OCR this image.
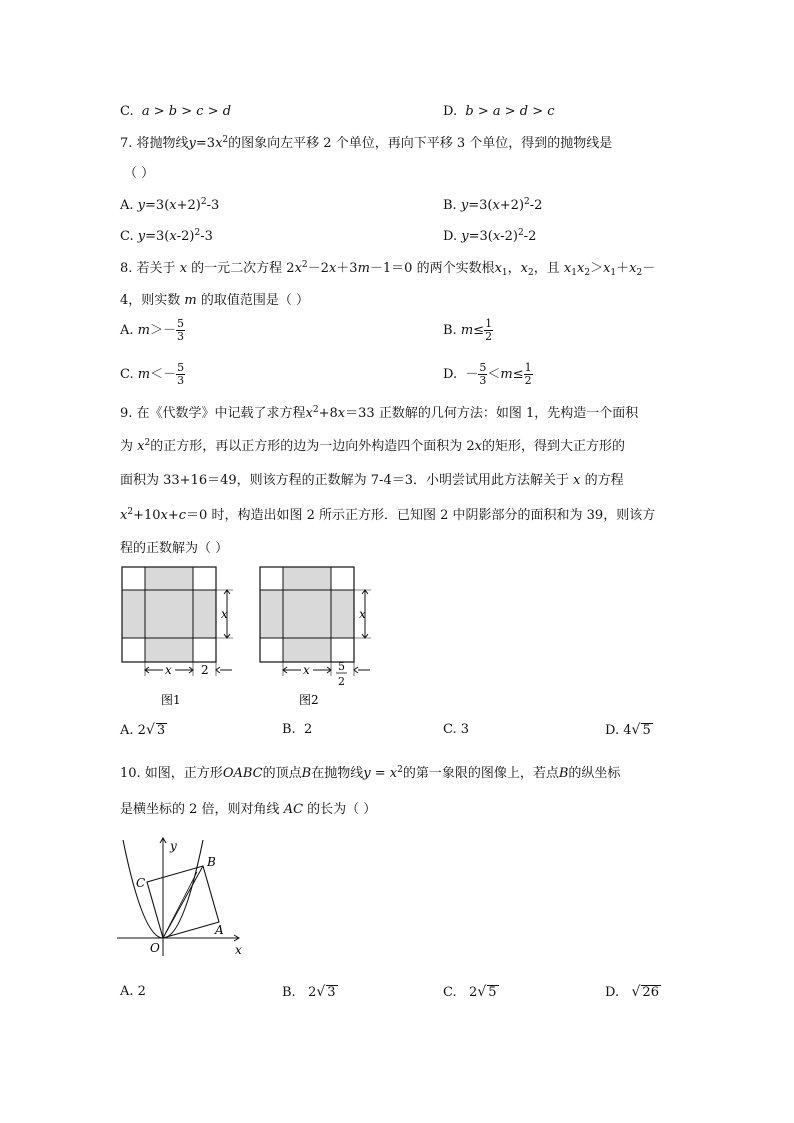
C. a > b > c > d	D. b > a > d > c
7. 将抛物线$y=3x^2$的图象向左平移 2 个单位，再向下平移 3 个单位，得到的抛物线是
（ ）
A. $y=3(x+2)^2-3$	B. $y=3(x+2)^2-2$
C. $y=3(x-2)^2-3$	D. $y=3(x-2)^2-2$
8. 若关于 x 的一元二次方程 $2x^2-2x+3m-1=0$ 的两个实数根$x_1$，$x_2$，且 $x_1x_2>x_1+x_2-$
4，则实数 m 的取值范围是（ ）
A. $m>- \frac{5}{3}$	B. $m\le \frac{1}{2}$
C. $m<- \frac{5}{3}$	D. － $\frac{5}{3} <m\le \frac{1}{2}$
9. 在《代数学》中记载了求方程$x^2+8x=33$ 正数解的几何方法：如图 1，先构造一个面积
为 $x^2$的正方形，再以正方形的边为一边向外构造四个面积为 2x的矩形，得到大正方形的
面积为 33+16＝49，则该方程的正数解为 7-4＝3．小明尝试用此方法解关于 x 的方程
$x^2+10x+c=0$ 时，构造出如图 2 所示正方形．已知图 2 中阴影部分的面积和为 39，则该方
程的正数解为（ ）
x
x 2
图1
x
x	5
2
图2
A. 2√ 3	B. 2	C. 3	D. 4√ 5
10. 如图，正方形OABC的顶点B在抛物线$y = x^2$的第一象限的图像上，若点B的纵坐标
是横坐标的 2 倍，则对角线 AC 的长为（ ）
y
x
O
A
B
C
A. 2	B. 2√ 3	C. 2√ 5	D. √ 26
